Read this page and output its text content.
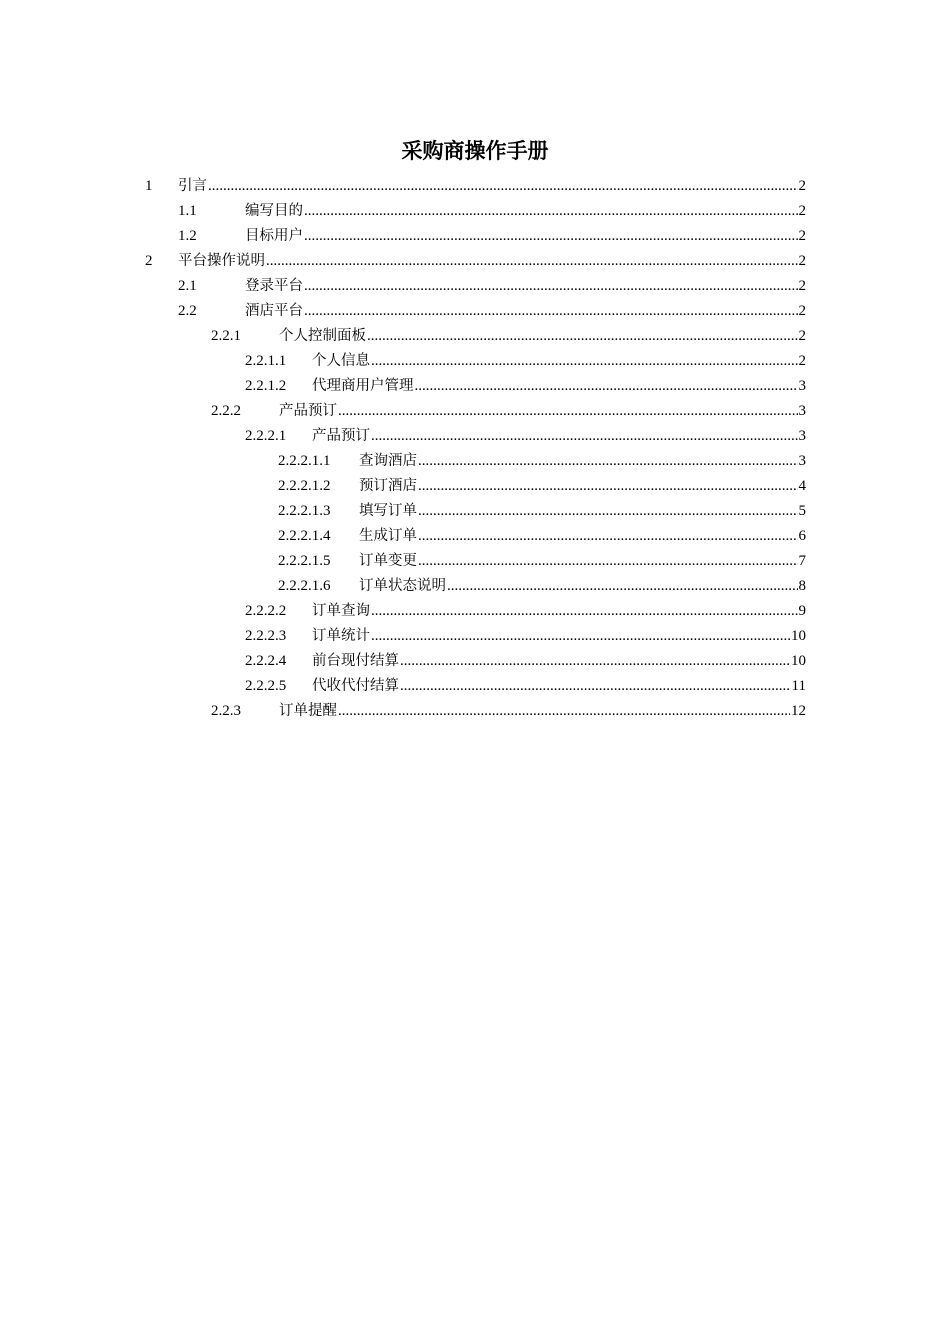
采购商操作手册
1	引言 .....	2
1.1	编写目的 .....	2
1.2	目标用户 .....	2
2	平台操作说明 .....	2
2.1	登录平台 .....	2
2.2	酒店平台 .....	2
2.2.1	个人控制面板 .....	2
2.2.1.1	个人信息 .....	2
2.2.1.2	代理商用户管理 .....	3
2.2.2	产品预订 .....	3
2.2.2.1	产品预订 .....	3
2.2.2.1.1	查询酒店 .....	3
2.2.2.1.2	预订酒店 .....	4
2.2.2.1.3	填写订单 .....	5
2.2.2.1.4	生成订单 .....	6
2.2.2.1.5	订单变更 .....	7
2.2.2.1.6	订单状态说明 .....	8
2.2.2.2	订单查询 .....	9
2.2.2.3	订单统计 .....	10
2.2.2.4	前台现付结算 .....	10
2.2.2.5	代收代付结算 .....	11
2.2.3	订单提醒 .....	12
